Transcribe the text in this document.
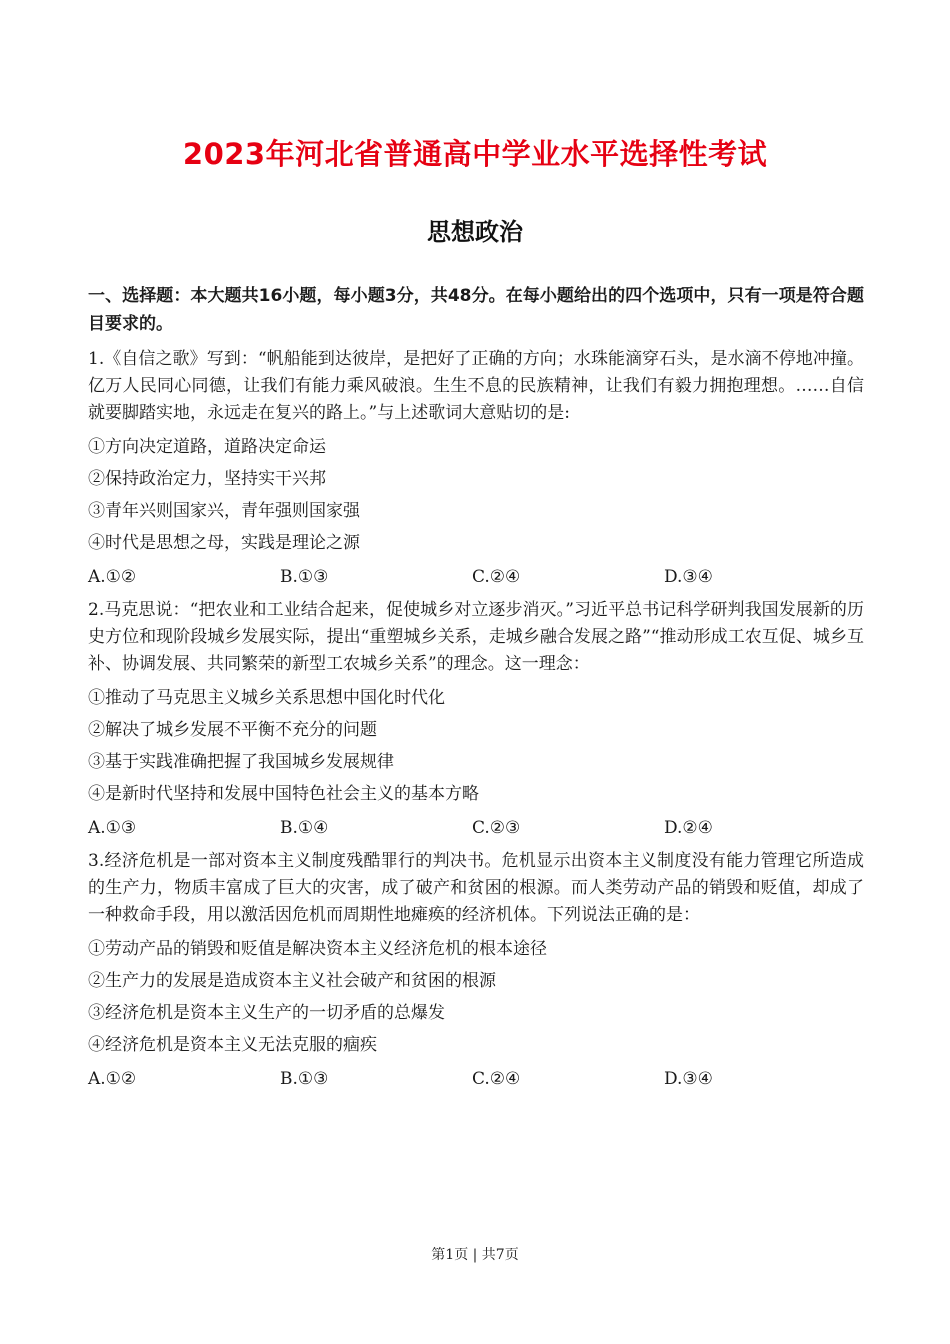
2023年河北省普通高中学业水平选择性考试
思想政治

一、选择题：本大题共16小题，每小题3分，共48分。在每小题给出的四个选项中，只有一项是符合题目要求的。

1.《自信之歌》写到：“帆船能到达彼岸，是把好了正确的方向；水珠能滴穿石头，是水滴不停地冲撞。亿万人民同心同德，让我们有能力乘风破浪。生生不息的民族精神，让我们有毅力拥抱理想。……自信就要脚踏实地，永远走在复兴的路上。”与上述歌词大意贴切的是:

①方向决定道路，道路决定命运

②保持政治定力，坚持实干兴邦

③青年兴则国家兴，青年强则国家强

④时代是思想之母，实践是理论之源

A.①②	B.①③	C.②④	D.③④

2.马克思说：“把农业和工业结合起来，促使城乡对立逐步消灭。”习近平总书记科学研判我国发展新的历史方位和现阶段城乡发展实际，提出“重塑城乡关系，走城乡融合发展之路”“推动形成工农互促、城乡互补、协调发展、共同繁荣的新型工农城乡关系”的理念。这一理念：

①推动了马克思主义城乡关系思想中国化时代化

②解决了城乡发展不平衡不充分的问题

③基于实践准确把握了我国城乡发展规律

④是新时代坚持和发展中国特色社会主义的基本方略

A.①③	B.①④	C.②③	D.②④

3.经济危机是一部对资本主义制度残酷罪行的判决书。危机显示出资本主义制度没有能力管理它所造成的生产力，物质丰富成了巨大的灾害，成了破产和贫困的根源。而人类劳动产品的销毁和贬值，却成了一种救命手段，用以激活因危机而周期性地瘫痪的经济机体。下列说法正确的是：

①劳动产品的销毁和贬值是解决资本主义经济危机的根本途径

②生产力的发展是造成资本主义社会破产和贫困的根源

③经济危机是资本主义生产的一切矛盾的总爆发

④经济危机是资本主义无法克服的痼疾

A.①②	B.①③	C.②④	D.③④
第1页 | 共7页
